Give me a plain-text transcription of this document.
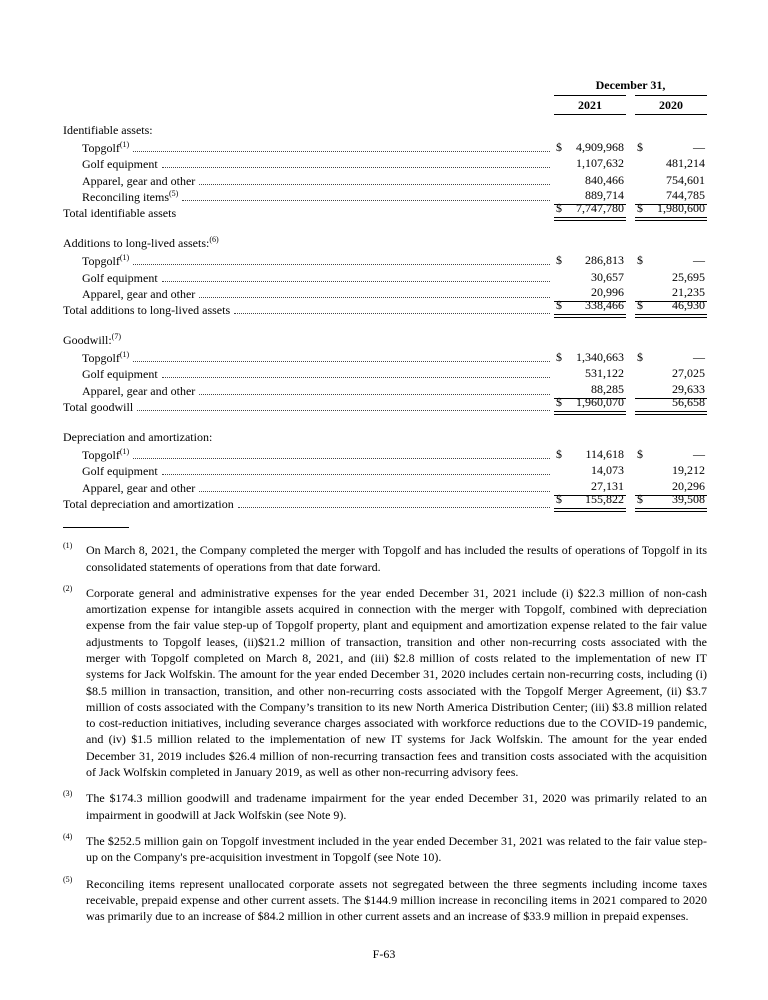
December 31,
2021	2020
Identifiable assets:
Topgolf$^{(1)}$	$ 4,909,968 $	—
Golf equipment	1,107,632	481,214
Apparel, gear and other	840,466	754,601
Reconciling items$^{(5)}$	889,714	744,785
Total identifiable assets	$ 7,747,780 $ 1,980,600
Additions to long-lived assets:$^{(6)}$
Topgolf$^{(1)}$	$ 286,813 $	—
Golf equipment	30,657	25,695
Apparel, gear and other	20,996	21,235
Total additions to long-lived assets	$ 338,466 $ 46,930
Goodwill:$^{(7)}$
Topgolf$^{(1)}$	$ 1,340,663 $	—
Golf equipment	531,122	27,025
Apparel, gear and other	88,285	29,633
Total goodwill	$ 1,960,070	56,658
Depreciation and amortization:
Topgolf$^{(1)}$	$ 114,618 $	—
Golf equipment	14,073	19,212
Apparel, gear and other	27,131	20,296
Total depreciation and amortization	$ 155,822 $ 39,508
$^{(1)}$	On March 8, 2021, the Company completed the merger with Topgolf and has included the results of operations of Topgolf in its consolidated statements of operations from that date forward.
$^{(2)}$	Corporate general and administrative expenses for the year ended December 31, 2021 include (i) $22.3 million of non-cash amortization expense for intangible assets acquired in connection with the merger with Topgolf, combined with depreciation expense from the fair value step-up of Topgolf property, plant and equipment and amortization expense related to the fair value adjustments to Topgolf leases, (ii)$21.2 million of transaction, transition and other non-recurring costs associated with the merger with Topgolf completed on March 8, 2021, and (iii) $2.8 million of costs related to the implementation of new IT systems for Jack Wolfskin. The amount for the year ended December 31, 2020 includes certain non-recurring costs, including (i) $8.5 million in transaction, transition, and other non-recurring costs associated with the Topgolf Merger Agreement, (ii) $3.7 million of costs associated with the Company’s transition to its new North America Distribution Center; (iii) $3.8 million related to cost-reduction initiatives, including severance charges associated with workforce reductions due to the COVID-19 pandemic, and (iv) $1.5 million related to the implementation of new IT systems for Jack Wolfskin. The amount for the year ended December 31, 2019 includes $26.4 million of non-recurring transaction fees and transition costs associated with the acquisition of Jack Wolfskin completed in January 2019, as well as other non-recurring advisory fees.
$^{(3)}$	The $174.3 million goodwill and tradename impairment for the year ended December 31, 2020 was primarily related to an impairment in goodwill at Jack Wolfskin (see Note 9).
$^{(4)}$	The $252.5 million gain on Topgolf investment included in the year ended December 31, 2021 was related to the fair value step-up on the Company's pre-acquisition investment in Topgolf (see Note 10).
$^{(5)}$	Reconciling items represent unallocated corporate assets not segregated between the three segments including income taxes receivable, prepaid expense and other current assets. The $144.9 million increase in reconciling items in 2021 compared to 2020 was primarily due to an increase of $84.2 million in other current assets and an increase of $33.9 million in prepaid expenses.
F-63
